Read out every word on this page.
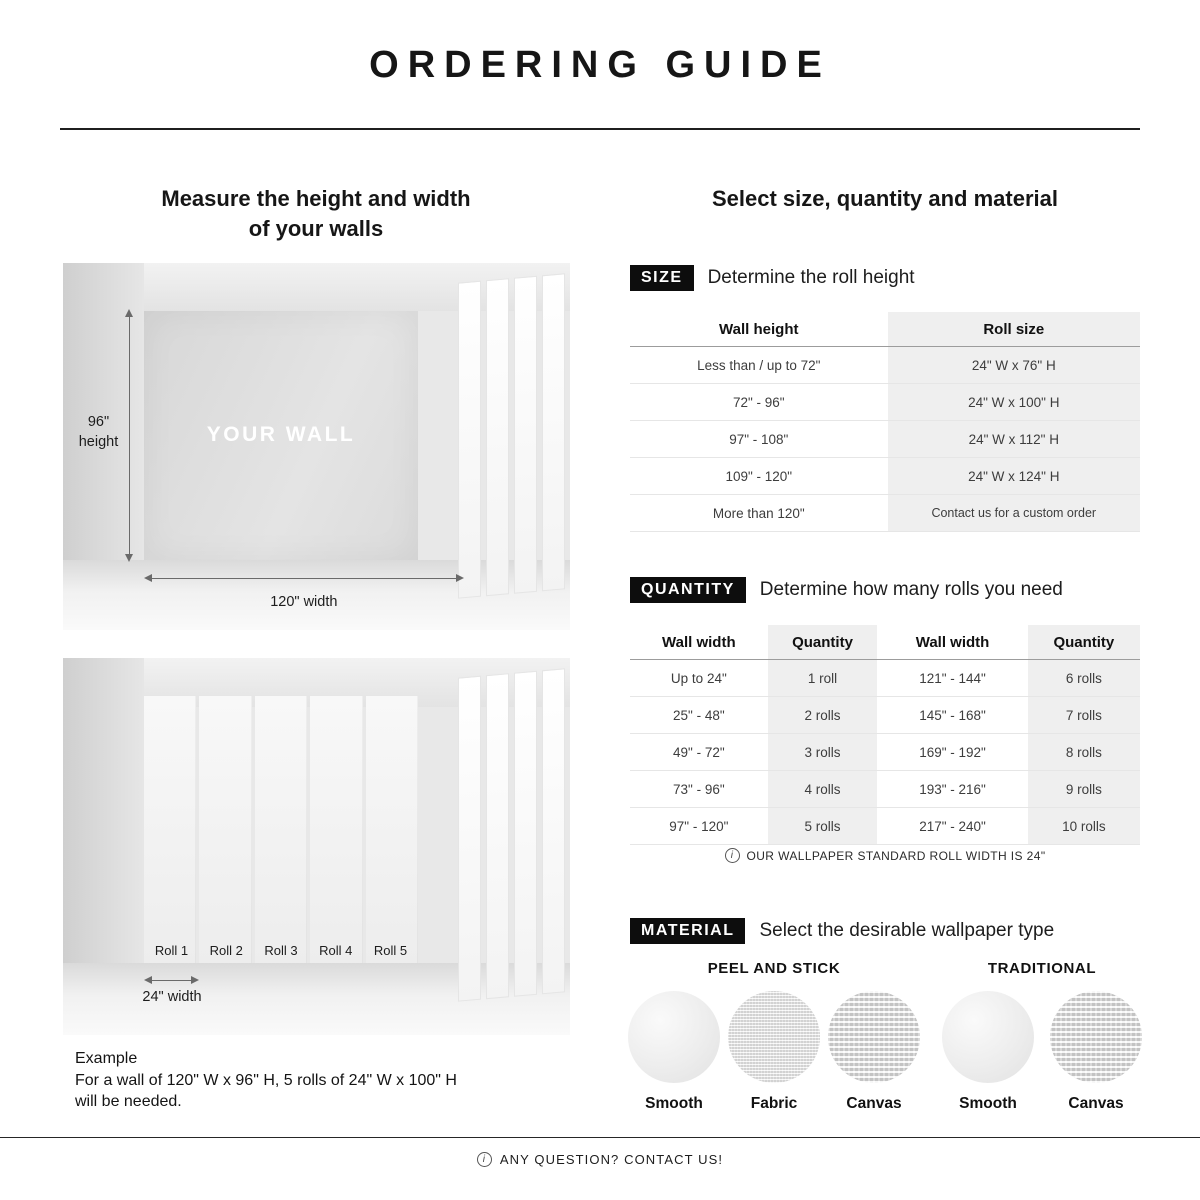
ORDERING GUIDE
Measure the height and width
of your walls
YOUR WALL
96"
height
120" width
Roll 1	Roll 2	Roll 3	Roll 4	Roll 5
24" width
Example
For a wall of 120" W x 96" H, 5 rolls of 24" W x 100" H
will be needed.
Select size, quantity and material
SIZE	Determine the roll height
Wall height	Roll size
Less than / up to 72"	24" W x 76" H
72" - 96"	24" W x 100" H
97" - 108"	24" W x 112" H
109" - 120"	24" W x 124" H
More than 120"	Contact us for a custom order
QUANTITY	Determine how many rolls you need
Wall width	Quantity	Wall width	Quantity
Up to 24"	1 roll	121" - 144"	6 rolls
25" - 48"	2 rolls	145" - 168"	7 rolls
49" - 72"	3 rolls	169" - 192"	8 rolls
73" - 96"	4 rolls	193" - 216"	9 rolls
97" - 120"	5 rolls	217" - 240"	10 rolls
i OUR WALLPAPER STANDARD ROLL WIDTH IS 24"
MATERIAL	Select the desirable wallpaper type
PEEL AND STICK
Smooth	Fabric	Canvas
TRADITIONAL
Smooth	Canvas
i ANY QUESTION? CONTACT US!
